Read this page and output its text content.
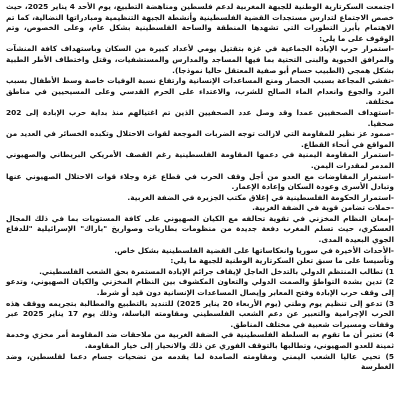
اجتمعت السكرتارية الوطنية للجبهة المغربية لدعم فلسطين ومناهضة التطبيع، يوم الأحد 4 يناير 2025، حيث خصص الاجتماع لتدارس مستجدات القضية الفلسطينية وأنشطة الجبهة التنظيمية ومبادراتها النضالية، كما تم الاهتمام بأبرز التطورات التي تشهدها المنطقة والساحة الفلسطينية بشكل عام، وعلى الخصوص، وتم الوقوف على ما يلي:

-استمرار حرب الإبادة الجماعية في غزة بتقتيل يومي لأعداد كبيرة من السكان وباستهداف كافة المنشآت والمرافق الحيوية والبنى التحتية بما فيها المساجد والمدارس والمستشفيات، وقتل واختطاف الأطر الطبية بشكل همجي (الطبيب حسام أبو صفية المعتقل حاليا نموذجا).

-تفشي المجاعة بسبب الحصار ومنع المساعدات الإنسانية وارتفاع نسبة الوفيات خاصة وسط الأطفال بسبب البرد والجوع وانعدام الماء الصالح للشرب، والاعتداء على الحرم القدسي وعلى المسيحيين في مناطق مختلفة.

-استهداف الصحفيين عمدا وقد وصل عدد الصحفيين الذين تم اغتيالهم منذ بداية حرب الإبادة إلى 202 صحفيا.

-صمود عز نظير للمقاومة التي لازالت توجه الضربات الموجعة لقوات الاحتلال وتكبده الخسائر في العديد من المواقع في أنحاء القطاع.

-استمرار المقاومة اليمنية في دعمها المقاومة الفلسطينية رغم القصف الأمريكي البريطاني والصهيوني المدمر لمقدرات اليمن.

-استمرار المفاوضات مع العدو من أجل وقف الحرب في قطاع غزة وجلاء قوات الاحتلال الصهيوني عنها وتبادل الأسرى وعودة السكان وإعادة الإعمار.

-استمرار الحكومة الفلسطينية في إغلاق مكتب الجزيرة في الضفة الغربية.

-حملات تضامن قوية في الضفة الغربية.

-إمعان النظام المخزني في تقوية تحالفه مع الكيان الصهيوني على كافة المستويات بما في ذلك المجال العسكري، حيث تسلم المغرب دفعة جديدة من منظومات بطاريات وصواريخ "باراك" الإسرائيلية "للدفاع الجوي البعيدة المدى.

-الأحداث الأخيرة في سوريا وانعكاساتها على القضية الفلسطينية بشكل خاص.

وتأسيسا على ما سبق تعلن السكرتارية الوطنية للجبهة ما يلي:

1) تطالب المنتظم الدولي بالتدخل العاجل لإيقاف جرائم الإبادة المستمرة بحق الشعب الفلسطيني.

2) تدين بشدة التواطؤ والصمت الدولي والتعاون المكشوف بين النظام المخزني والكيان الصهيوني، وتدعو إلى وقف حرب الإبادة وفتح المعابر وإيصال المساعدات الإنسانية دون قيد أو شرط.

3) تدعو إلى تنظيم يوم وطني (يوم الأربعاء 20 يناير 2025) للتنديد بالتطبيع والمطالبة بتجريمه ووقف هذه الحرب الإجرامية والتعبير عن دعم الشعب الفلسطيني ومقاومته الباسلة، وذلك يوم 17 يناير 2025 عبر وقفات ومسيرات شعبية في مختلف المناطق.

4) تعتبر أن ما تقوم به السلطة الفلسطينية في الضفة الغربية من ملاحقات ضد المقاومة أمر مخزي وخدمة ثمينة للعدو الصهيوني، وتطالبها بالتوقف الفوري عن ذلك والانحياز إلى خيار المقاومة.

5) تحيي عاليا الشعب اليمني ومقاومته الصامدة لما يقدمه من تضحيات جسام دعما لفلسطين، وضد الغطرسة
